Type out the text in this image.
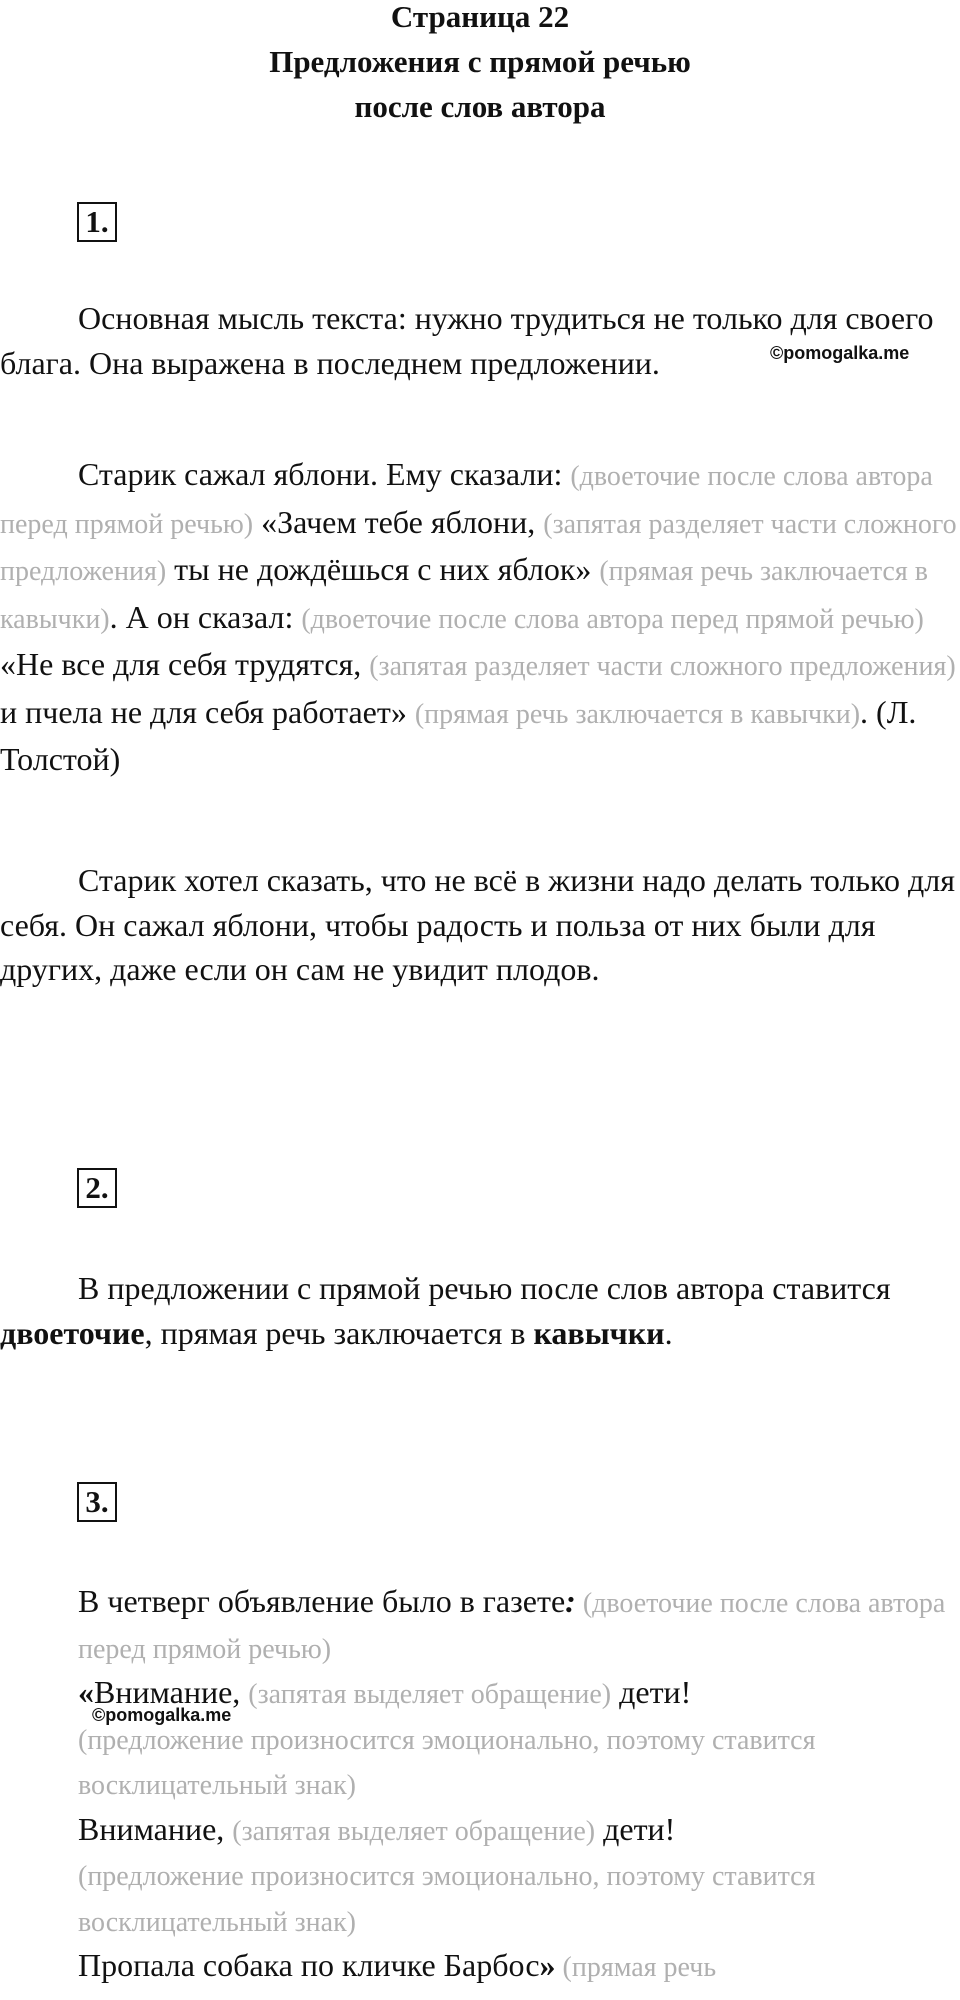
Страница 22
Предложения с прямой речью
после слов автора
1.

Основная мысль текста: нужно трудиться не только для своего блага. Она выражена в последнем предложении.	©pomogalka.me

Старик сажал яблони. Ему сказали: (двоеточие после слова автора перед прямой речью) «Зачем тебе яблони, (запятая разделяет части сложного предложения) ты не дождёшься с них яблок» (прямая речь заключается в кавычки). А он сказал: (двоеточие после слова автора перед прямой речью) «Не все для себя трудятся, (запятая разделяет части сложного предложения) и пчела не для себя работает» (прямая речь заключается в кавычки). (Л. Толстой)

Старик хотел сказать, что не всё в жизни надо делать только для себя. Он сажал яблони, чтобы радость и польза от них были для других, даже если он сам не увидит плодов.

2.

В предложении с прямой речью после слов автора ставится двоеточие, прямая речь заключается в кавычки.

3.

В четверг объявление было в газете: (двоеточие после слова автора перед прямой речью)

«Внимание, (запятая выделяет обращение) дети!

(предложение произносится эмоционально, поэтому ставится восклицательный знак)

Внимание, (запятая выделяет обращение) дети!

(предложение произносится эмоционально, поэтому ставится восклицательный знак)

Пропала собака по кличке Барбос» (прямая речь

©pomogalka.me
